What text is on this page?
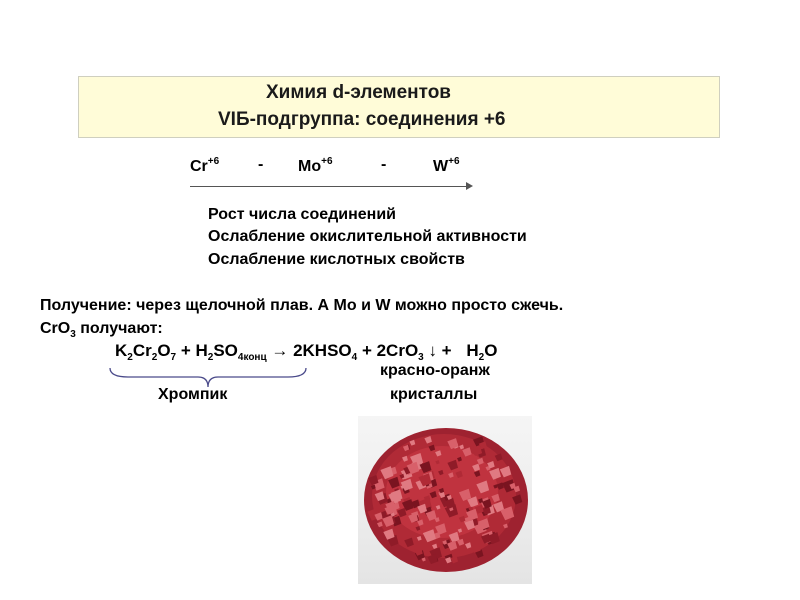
Химия d-элементов

VIБ-подгруппа: соединения +6

$Cr^{+6} - Mo^{+6}$	-	$W^{+6}$
Рост числа соединений
Ослабление окислительной активности
Ослабление кислотных свойств
Получение: через щелочной плав. А Mo и W можно просто сжечь.
CrO$_3$ получают:
$K_2Cr_2O_7 + H_2SO_{4конц}$ → $2KHSO_4 + 2CrO_3$ ↓ + $H_2O$
Хромпик
красно-оранж
кристаллы
